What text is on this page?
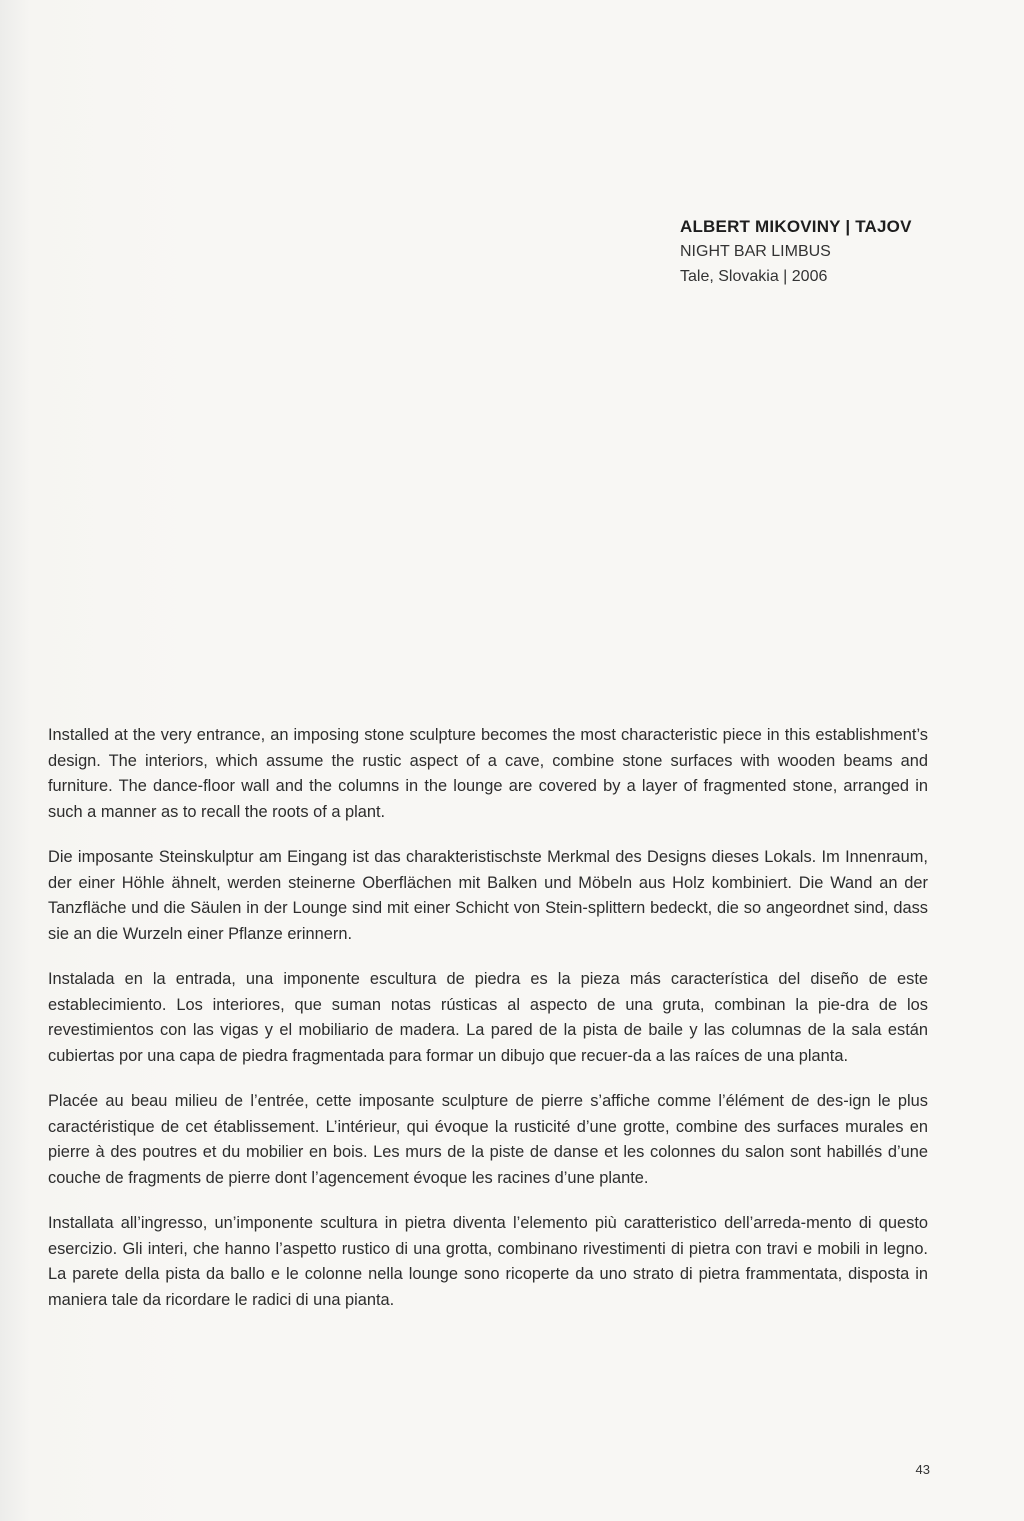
ALBERT MIKOVINY | TAJOV
NIGHT BAR LIMBUS
Tale, Slovakia | 2006

Installed at the very entrance, an imposing stone sculpture becomes the most characteristic piece in this establishment’s design. The interiors, which assume the rustic aspect of a cave, combine stone surfaces with wooden beams and furniture. The dance-floor wall and the columns in the lounge are covered by a layer of fragmented stone, arranged in such a manner as to recall the roots of a plant.

Die imposante Steinskulptur am Eingang ist das charakteristischste Merkmal des Designs dieses Lokals. Im Innenraum, der einer Höhle ähnelt, werden steinerne Oberflächen mit Balken und Möbeln aus Holz kombiniert. Die Wand an der Tanzfläche und die Säulen in der Lounge sind mit einer Schicht von Stein-splittern bedeckt, die so angeordnet sind, dass sie an die Wurzeln einer Pflanze erinnern.

Instalada en la entrada, una imponente escultura de piedra es la pieza más característica del diseño de este establecimiento. Los interiores, que suman notas rústicas al aspecto de una gruta, combinan la pie-dra de los revestimientos con las vigas y el mobiliario de madera. La pared de la pista de baile y las columnas de la sala están cubiertas por una capa de piedra fragmentada para formar un dibujo que recuer-da a las raíces de una planta.

Placée au beau milieu de l’entrée, cette imposante sculpture de pierre s’affiche comme l’élément de des-ign le plus caractéristique de cet établissement. L’intérieur, qui évoque la rusticité d’une grotte, combine des surfaces murales en pierre à des poutres et du mobilier en bois. Les murs de la piste de danse et les colonnes du salon sont habillés d’une couche de fragments de pierre dont l’agencement évoque les racines d’une plante.

Installata all’ingresso, un’imponente scultura in pietra diventa l’elemento più caratteristico dell’arreda-mento di questo esercizio. Gli interi, che hanno l’aspetto rustico di una grotta, combinano rivestimenti di pietra con travi e mobili in legno. La parete della pista da ballo e le colonne nella lounge sono ricoperte da uno strato di pietra frammentata, disposta in maniera tale da ricordare le radici di una pianta.

43
